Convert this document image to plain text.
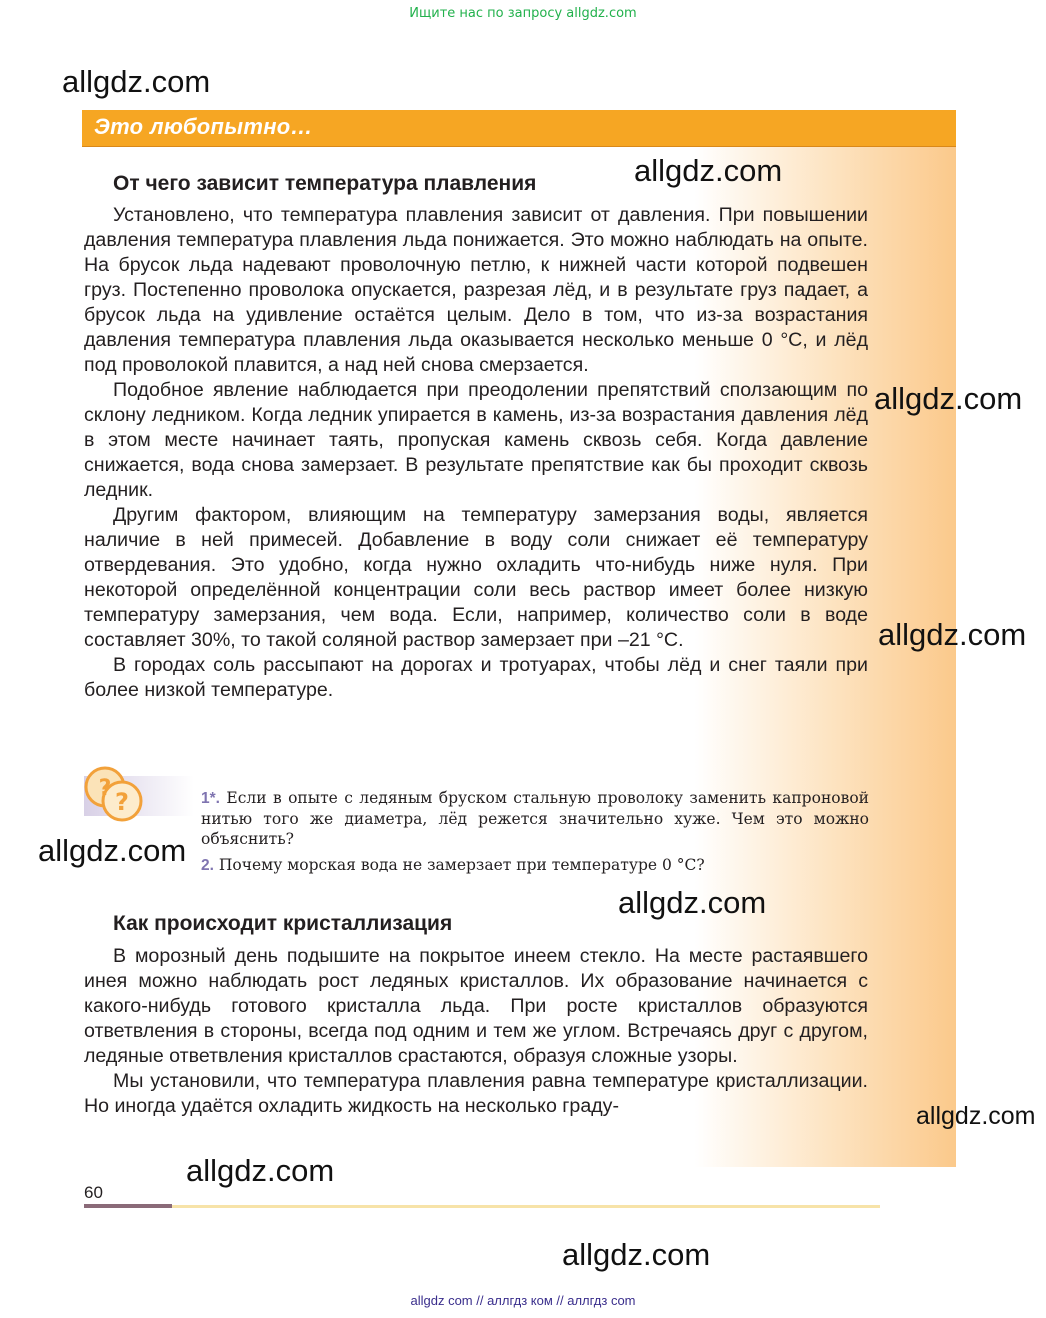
Ищите нас по запросу allgdz.com
Это любопытно…
От чего зависит температура плавления

Установлено, что температура плавления зависит от давления. При повышении давления температура плавления льда понижается. Это можно наблюдать на опыте. На брусок льда надевают проволочную петлю, к нижней части которой подвешен груз. Постепенно проволока опускается, разрезая лёд, и в результате груз падает, а брусок льда на удивление остаётся целым. Дело в том, что из-за возрастания давления температура плавления льда оказывается несколько меньше 0 °С, и лёд под проволокой плавится, а над ней снова смерзается.

Подобное явление наблюдается при преодолении препятствий сползающим по склону ледником. Когда ледник упирается в камень, из-за возрастания давления лёд в этом месте начинает таять, пропуская камень сквозь себя. Когда давление снижается, вода снова замерзает. В результате препятствие как бы проходит сквозь ледник.

Другим фактором, влияющим на температуру замерзания воды, является наличие в ней примесей. Добавление в воду соли снижает её температуру отвердевания. Это удобно, когда нужно охладить что-нибудь ниже нуля. При некоторой определённой концентрации соли весь раствор имеет более низкую температуру замерзания, чем вода. Если, например, количество соли в воде составляет 30%, то такой соляной раствор замерзает при –21 °С.

В городах соль рассыпают на дорогах и тротуарах, чтобы лёд и снег таяли при более низкой температуре.

? ?	1*. Если в опыте с ледяным бруском стальную проволоку заменить капроновой нитью того же диаметра, лёд режется значительно хуже. Чем это можно объяснить?
2. Почему морская вода не замерзает при температуре 0 °С?
Как происходит кристаллизация

В морозный день подышите на покрытое инеем стекло. На месте растаявшего инея можно наблюдать рост ледяных кристаллов. Их образование начинается с какого-нибудь готового кристалла льда. При росте кристаллов образуются ответвления в стороны, всегда под одним и тем же углом. Встречаясь друг с другом, ледяные ответвления кристаллов срастаются, образуя сложные узоры.

Мы установили, что температура плавления равна температуре кристаллизации. Но иногда удаётся охладить жидкость на несколько граду-

60
allgdz.com
allgdz.com
allgdz.com
allgdz.com
allgdz.com
allgdz.com
allgdz.com
allgdz.com
allgdz.com
allgdz com // аллгдз ком // аллгдз com
